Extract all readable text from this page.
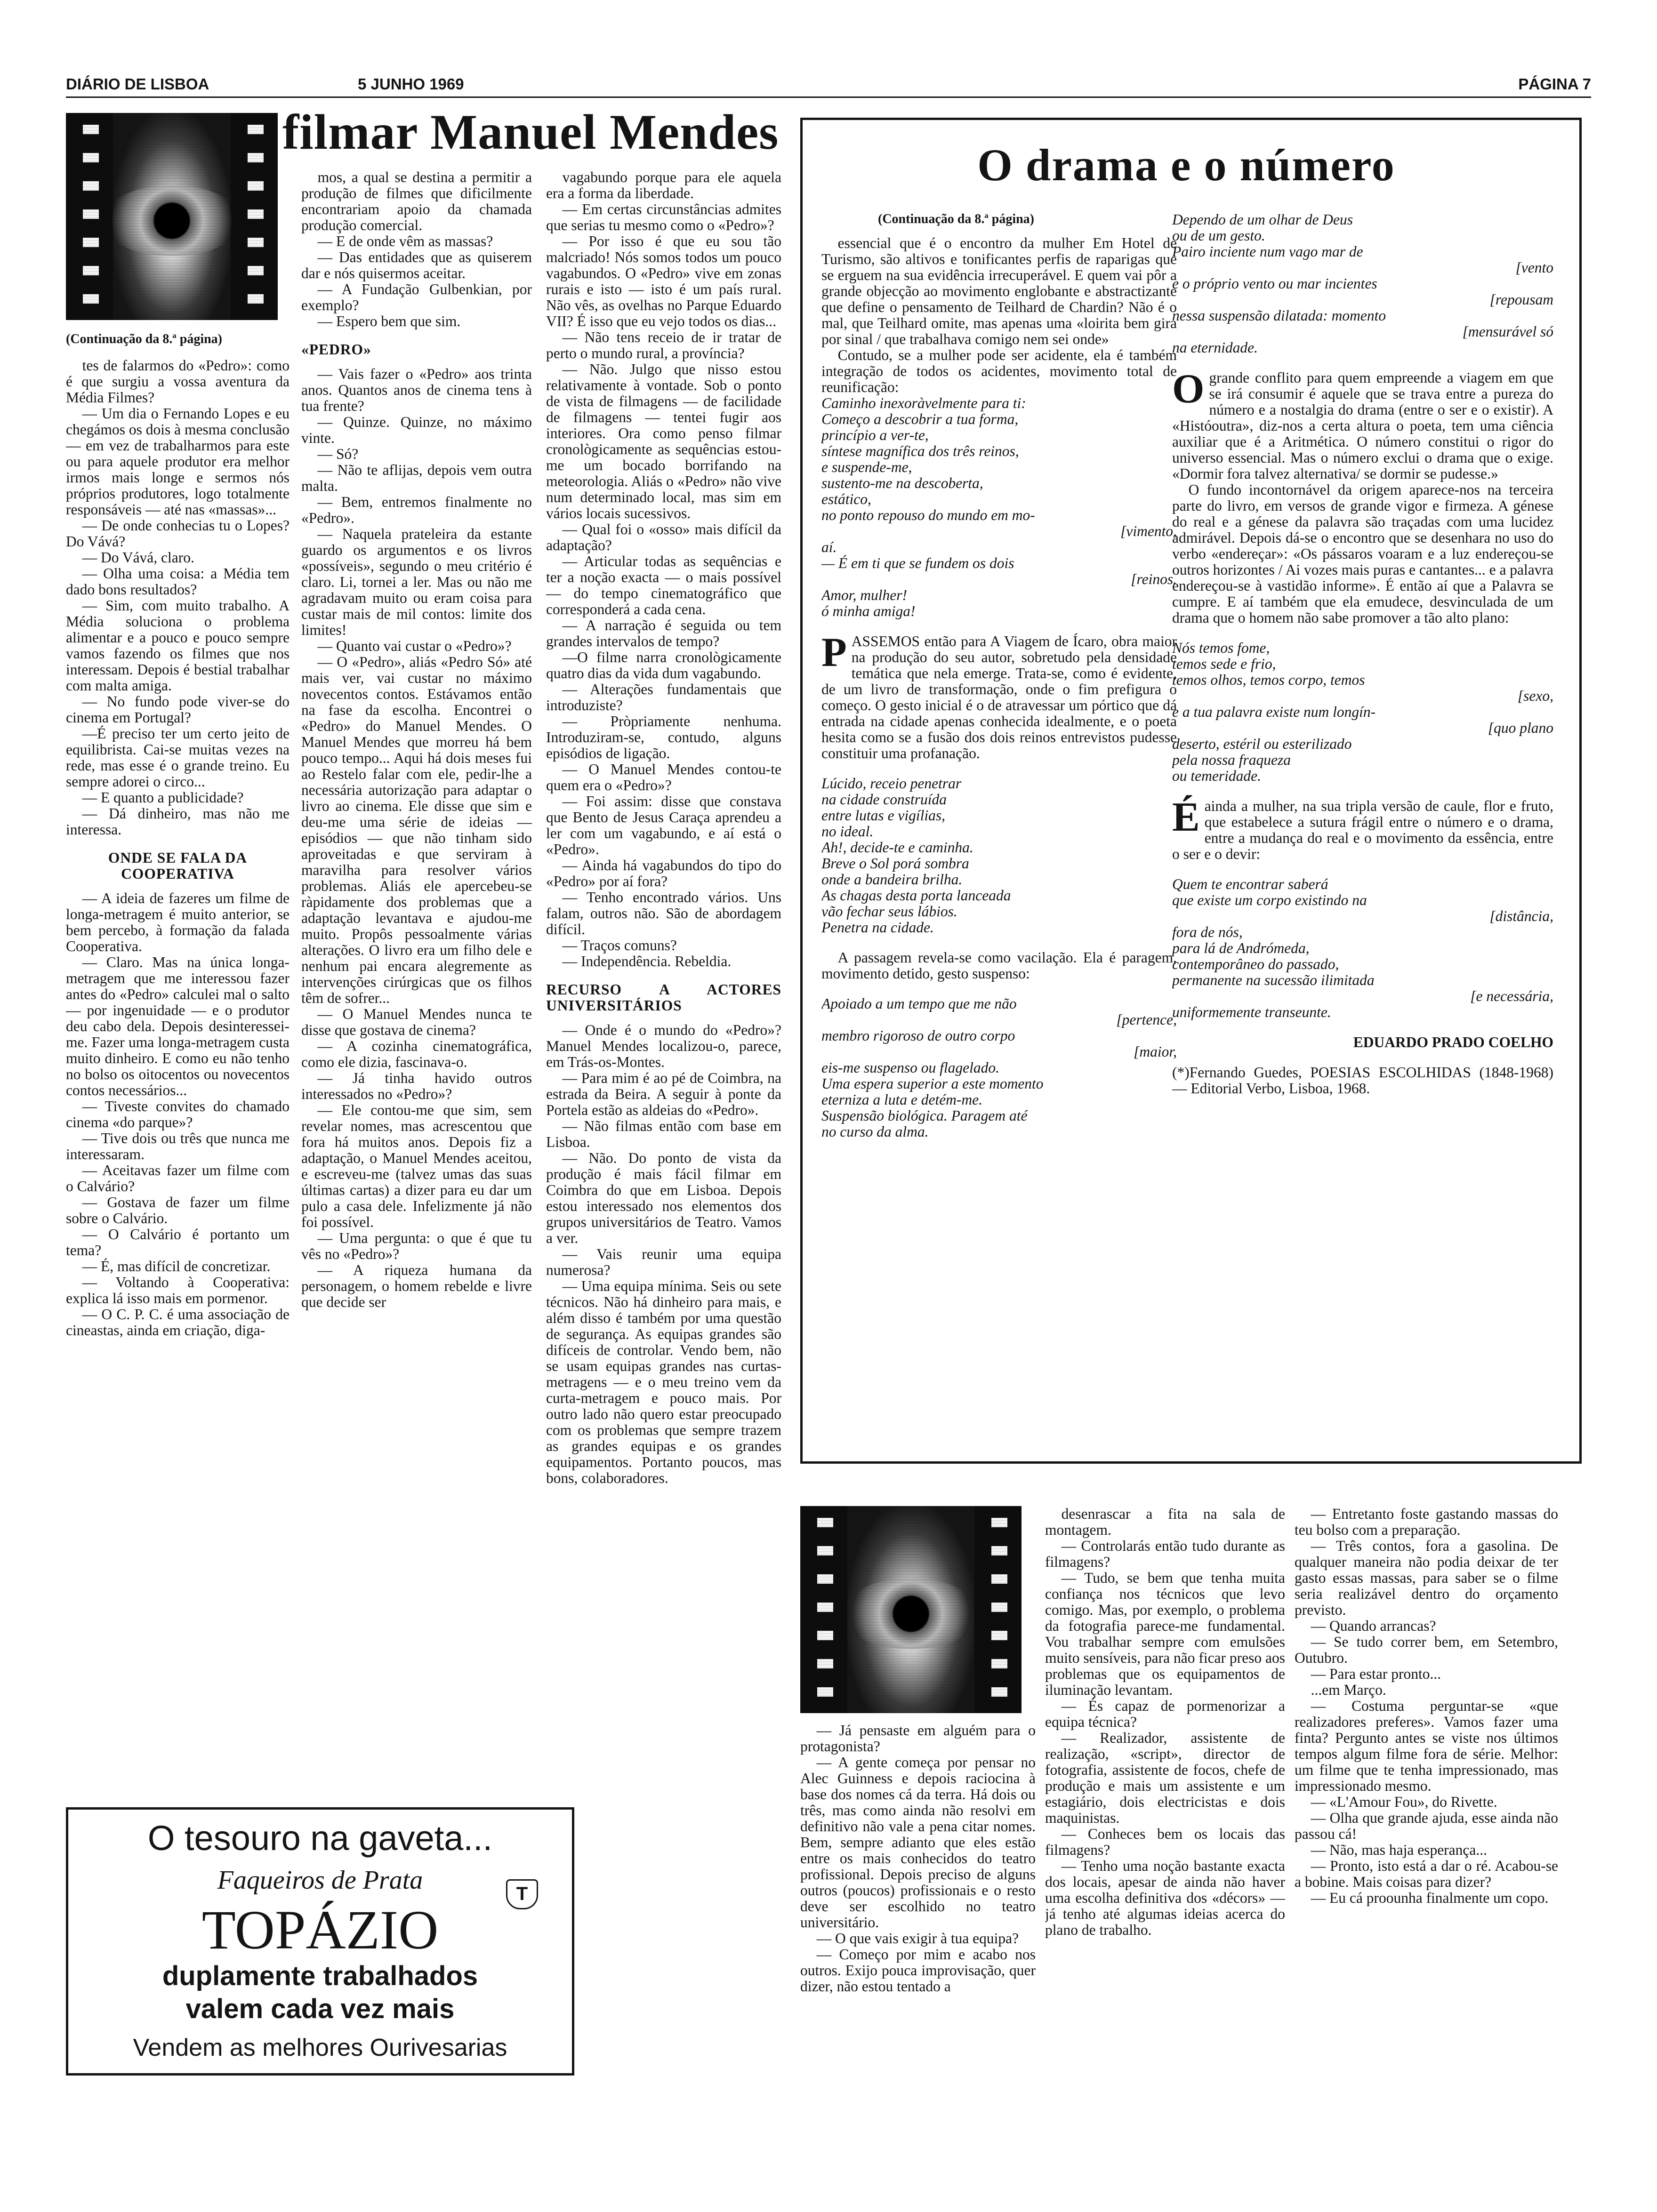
DIÁRIO DE LISBOA	5 JUNHO 1969	PÁGINA 7
(Continuação da 8.ª página)
filmar Manuel Mendes

tes de falarmos do «Pedro»: como é que surgiu a vossa aventura da Média Filmes?

— Um dia o Fernando Lopes e eu chegámos os dois à mesma conclusão — em vez de trabalharmos para este ou para aquele produtor era melhor irmos mais longe e sermos nós próprios produtores, logo totalmente responsáveis — até nas «massas»...

— De onde conhecias tu o Lopes? Do Vává?

— Do Vává, claro.

— Olha uma coisa: a Média tem dado bons resultados?

— Sim, com muito trabalho. A Média soluciona o problema alimentar e a pouco e pouco sempre vamos fazendo os filmes que nos interessam. Depois é bestial trabalhar com malta amiga.

— No fundo pode viver-se do cinema em Portugal?

—É preciso ter um certo jeito de equilibrista. Cai-se muitas vezes na rede, mas esse é o grande treino. Eu sempre adorei o circo...

— E quanto a publicidade?

— Dá dinheiro, mas não me interessa.

ONDE SE FALA DA COOPERATIVA

— A ideia de fazeres um filme de longa-metragem é muito anterior, se bem percebo, à formação da falada Cooperativa.

— Claro. Mas na única longa-metragem que me interessou fazer antes do «Pedro» calculei mal o salto — por ingenuidade — e o produtor deu cabo dela. Depois desinteressei-me. Fazer uma longa-metragem custa muito dinheiro. E como eu não tenho no bolso os oitocentos ou novecentos contos necessários...

— Tiveste convites do chamado cinema «do parque»?

— Tive dois ou três que nunca me interessaram.

— Aceitavas fazer um filme com o Calvário?

— Gostava de fazer um filme sobre o Calvário.

— O Calvário é portanto um tema?

— É, mas difícil de concretizar.

— Voltando à Cooperativa: explica lá isso mais em pormenor.

— O C. P. C. é uma associação de cineastas, ainda em criação, diga-

mos, a qual se destina a permitir a produção de filmes que dificilmente encontrariam apoio da chamada produção comercial.

— E de onde vêm as massas?

— Das entidades que as quiserem dar e nós quisermos aceitar.

— A Fundação Gulbenkian, por exemplo?

— Espero bem que sim.

«PEDRO»

— Vais fazer o «Pedro» aos trinta anos. Quantos anos de cinema tens à tua frente?

— Quinze. Quinze, no máximo vinte.

— Só?

— Não te aflijas, depois vem outra malta.

— Bem, entremos finalmente no «Pedro».

— Naquela prateleira da estante guardo os argumentos e os livros «possíveis», segundo o meu critério é claro. Li, tornei a ler. Mas ou não me agradavam muito ou eram coisa para custar mais de mil contos: limite dos limites!

— Quanto vai custar o «Pedro»?

— O «Pedro», aliás «Pedro Só» até mais ver, vai custar no máximo novecentos contos. Estávamos então na fase da escolha. Encontrei o «Pedro» do Manuel Mendes. O Manuel Mendes que morreu há bem pouco tempo... Aqui há dois meses fui ao Restelo falar com ele, pedir-lhe a necessária autorização para adaptar o livro ao cinema. Ele disse que sim e deu-me uma série de ideias — episódios — que não tinham sido aproveitadas e que serviram à maravilha para resolver vários problemas. Aliás ele apercebeu-se ràpidamente dos problemas que a adaptação levantava e ajudou-me muito. Propôs pessoalmente várias alterações. O livro era um filho dele e nenhum pai encara alegremente as intervenções cirúrgicas que os filhos têm de sofrer...

— O Manuel Mendes nunca te disse que gostava de cinema?

— A cozinha cinematográfica, como ele dizia, fascinava-o.

— Já tinha havido outros interessados no «Pedro»?

— Ele contou-me que sim, sem revelar nomes, mas acrescentou que fora há muitos anos. Depois fiz a adaptação, o Manuel Mendes aceitou, e escreveu-me (talvez umas das suas últimas cartas) a dizer para eu dar um pulo a casa dele. Infelizmente já não foi possível.

— Uma pergunta: o que é que tu vês no «Pedro»?

— A riqueza humana da personagem, o homem rebelde e livre que decide ser

vagabundo porque para ele aquela era a forma da liberdade.

— Em certas circunstâncias admites que serias tu mesmo como o «Pedro»?

— Por isso é que eu sou tão malcriado! Nós somos todos um pouco vagabundos. O «Pedro» vive em zonas rurais e isto — isto é um país rural. Não vês, as ovelhas no Parque Eduardo VII? É isso que eu vejo todos os dias...

— Não tens receio de ir tratar de perto o mundo rural, a província?

— Não. Julgo que nisso estou relativamente à vontade. Sob o ponto de vista de filmagens — de facilidade de filmagens — tentei fugir aos interiores. Ora como penso filmar cronològicamente as sequências estou-me um bocado borrifando na meteorologia. Aliás o «Pedro» não vive num determinado local, mas sim em vários locais sucessivos.

— Qual foi o «osso» mais difícil da adaptação?

— Articular todas as sequências e ter a noção exacta — o mais possível — do tempo cinematográfico que corresponderá a cada cena.

— A narração é seguida ou tem grandes intervalos de tempo?

—O filme narra cronològicamente quatro dias da vida dum vagabundo.

— Alterações fundamentais que introduziste?

— Pròpriamente nenhuma. Introduziram-se, contudo, alguns episódios de ligação.

— O Manuel Mendes contou-te quem era o «Pedro»?

— Foi assim: disse que constava que Bento de Jesus Caraça aprendeu a ler com um vagabundo, e aí está o «Pedro».

— Ainda há vagabundos do tipo do «Pedro» por aí fora?

— Tenho encontrado vários. Uns falam, outros não. São de abordagem difícil.

— Traços comuns?

— Independência. Rebeldia.

RECURSO A ACTORES UNIVERSITÁRIOS

— Onde é o mundo do «Pedro»? Manuel Mendes localizou-o, parece, em Trás-os-Montes.

— Para mim é ao pé de Coimbra, na estrada da Beira. A seguir à ponte da Portela estão as aldeias do «Pedro».

— Não filmas então com base em Lisboa.

— Não. Do ponto de vista da produção é mais fácil filmar em Coimbra do que em Lisboa. Depois estou interessado nos elementos dos grupos universitários de Teatro. Vamos a ver.

— Vais reunir uma equipa numerosa?

— Uma equipa mínima. Seis ou sete técnicos. Não há dinheiro para mais, e além disso é também por uma questão de segurança. As equipas grandes são difíceis de controlar. Vendo bem, não se usam equipas grandes nas curtas-metragens — e o meu treino vem da curta-metragem e pouco mais. Por outro lado não quero estar preocupado com os problemas que sempre trazem as grandes equipas e os grandes equipamentos. Portanto poucos, mas bons, colaboradores.

O drama e o número
(Continuação da 8.ª página)

essencial que é o encontro da mulher Em Hotel de Turismo, são altivos e tonificantes perfis de raparigas que se erguem na sua evidência irrecuperável. E quem vai pôr a grande objecção ao movimento englobante e abstractizante que define o pensamento de Teilhard de Chardin? Não é o mal, que Teilhard omite, mas apenas uma «loirita bem gira por sinal / que trabalhava comigo nem sei onde»

Contudo, se a mulher pode ser acidente, ela é também integração de todos os acidentes, movimento total de reunificação:

Caminho inexoràvelmente para ti:

Começo a descobrir a tua forma,

princípio a ver-te,

síntese magnífica dos três reinos,

e suspende-me,

sustento-me na descoberta,

estático,

no ponto repouso do mundo em mo-

[vimento,

aí.

— É em ti que se fundem os dois

[reinos.

Amor, mulher!

ó minha amiga!

PASSEMOS então para A Viagem de Ícaro, obra maior na produção do seu autor, sobretudo pela densidade temática que nela emerge. Trata-se, como é evidente, de um livro de transformação, onde o fim prefigura o começo. O gesto inicial é o de atravessar um pórtico que dá entrada na cidade apenas conhecida idealmente, e o poeta hesita como se a fusão dos dois reinos entrevistos pudesse constituir uma profanação.

Lúcido, receio penetrar

na cidade construída

entre lutas e vigílias,

no ideal.

Ah!, decide-te e caminha.

Breve o Sol porá sombra

onde a bandeira brilha.

As chagas desta porta lanceada

vão fechar seus lábios.

Penetra na cidade.

A passagem revela-se como vacilação. Ela é paragem, movimento detido, gesto suspenso:

Apoiado a um tempo que me não

[pertence,

membro rigoroso de outro corpo

[maior,

eis-me suspenso ou flagelado.

Uma espera superior a este momento

eterniza a luta e detém-me.

Suspensão biológica. Paragem até

no curso da alma.

Dependo de um olhar de Deus

ou de um gesto.

Pairo inciente num vago mar de

[vento

e o próprio vento ou mar incientes

[repousam

nessa suspensão dilatada: momento

[mensurável só

na eternidade.

Ogrande conflito para quem empreende a viagem em que se irá consumir é aquele que se trava entre a pureza do número e a nostalgia do drama (entre o ser e o existir). A «Históoutra», diz-nos a certa altura o poeta, tem uma ciência auxiliar que é a Aritmética. O número constitui o rigor do universo essencial. Mas o número exclui o drama que o exige. «Dormir fora talvez alternativa/ se dormir se pudesse.»

O fundo incontornável da origem aparece-nos na terceira parte do livro, em versos de grande vigor e firmeza. A génese do real e a génese da palavra são traçadas com uma lucidez admirável. Depois dá-se o encontro que se desenhara no uso do verbo «endereçar»: «Os pássaros voaram e a luz endereçou-se outros horizontes / Ai vozes mais puras e cantantes... e a palavra endereçou-se à vastidão informe». É então aí que a Palavra se cumpre. E aí também que ela emudece, desvinculada de um drama que o homem não sabe promover a tão alto plano:

Nós temos fome,

temos sede e frio,

temos olhos, temos corpo, temos

[sexo,

e a tua palavra existe num longín-

[quo plano

deserto, estéril ou esterilizado

pela nossa fraqueza

ou temeridade.

Éainda a mulher, na sua tripla versão de caule, flor e fruto, que estabelece a sutura frágil entre o número e o drama, entre a mudança do real e o movimento da essência, entre o ser e o devir:

Quem te encontrar saberá

que existe um corpo existindo na

[distância,

fora de nós,

para lá de Andrómeda,

contemporâneo do passado,

permanente na sucessão ilimitada

[e necessária,

uniformemente transeunte.

EDUARDO PRADO COELHO

(*)Fernando Guedes, POESIAS ESCOLHIDAS (1848-1968) — Editorial Verbo, Lisboa, 1968.

— Já pensaste em alguém para o protagonista?

— A gente começa por pensar no Alec Guinness e depois raciocina à base dos nomes cá da terra. Há dois ou três, mas como ainda não resolvi em definitivo não vale a pena citar nomes. Bem, sempre adianto que eles estão entre os mais conhecidos do teatro profissional. Depois preciso de alguns outros (poucos) profissionais e o resto deve ser escolhido no teatro universitário.

— O que vais exigir à tua equipa?

— Começo por mim e acabo nos outros. Exijo pouca improvisação, quer dizer, não estou tentado a

desenrascar a fita na sala de montagem.

— Controlarás então tudo durante as filmagens?

— Tudo, se bem que tenha muita confiança nos técnicos que levo comigo. Mas, por exemplo, o problema da fotografia parece-me fundamental. Vou trabalhar sempre com emulsões muito sensíveis, para não ficar preso aos problemas que os equipamentos de iluminação levantam.

— És capaz de pormenorizar a equipa técnica?

— Realizador, assistente de realização, «script», director de fotografia, assistente de focos, chefe de produção e mais um assistente e um estagiário, dois electricistas e dois maquinistas.

— Conheces bem os locais das filmagens?

— Tenho uma noção bastante exacta dos locais, apesar de ainda não haver uma escolha definitiva dos «décors» — já tenho até algumas ideias acerca do plano de trabalho.

— Entretanto foste gastando massas do teu bolso com a preparação.

— Três contos, fora a gasolina. De qualquer maneira não podia deixar de ter gasto essas massas, para saber se o filme seria realizável dentro do orçamento previsto.

— Quando arrancas?

— Se tudo correr bem, em Setembro, Outubro.

— Para estar pronto...

...em Março.

— Costuma perguntar-se «que realizadores preferes». Vamos fazer uma finta? Pergunto antes se viste nos últimos tempos algum filme fora de série. Melhor: um filme que te tenha impressionado, mas impressionado mesmo.

— «L'Amour Fou», do Rivette.

— Olha que grande ajuda, esse ainda não passou cá!

— Não, mas haja esperança...

— Pronto, isto está a dar o ré. Acabou-se a bobine. Mais coisas para dizer?

— Eu cá proounha finalmente um copo.

O tesouro na gaveta...
Faqueiros de Prata
TOPÁZIO
T
duplamente trabalhados
valem cada vez mais
Vendem as melhores Ourivesarias
